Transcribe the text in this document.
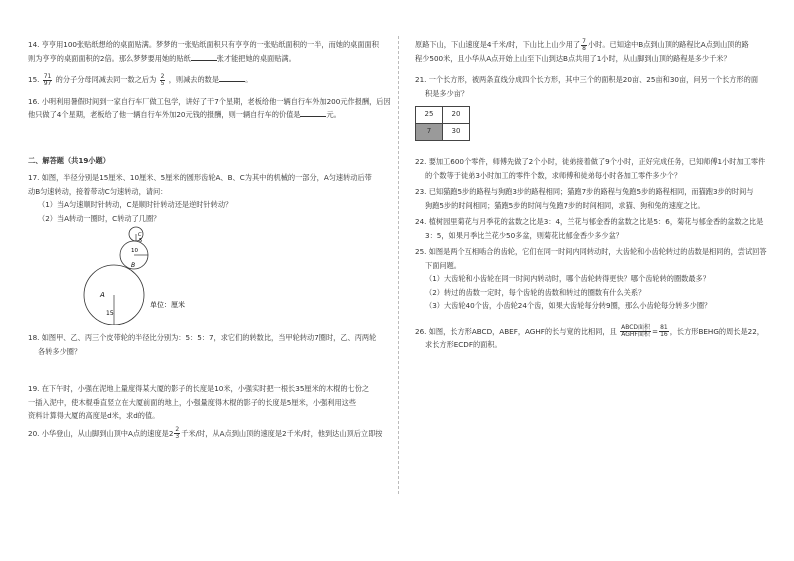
14. 亨亨用100张贴纸想给的桌面贴满。梦梦的一张贴纸面积只有亨亨的一张贴纸面积的一半，而她的桌面面积

则为亨亨的桌面面积的2倍。那么梦梦要用她的贴纸	张才能把她的桌面贴满。

15. $\frac{71}{97}$ 的分子分母同减去同一数之后为 $\frac{2}{5}$ ，则减去的数是	。

16. 小明利用暑假时间到一家自行车厂做工包学，讲好了干7个星期，老板给他一辆自行车外加200元作报酬，后因

他只做了4个星期，老板给了他一辆自行车外加20元钱的报酬，则一辆自行车的价值是	元。

二、解答题（共19小题）

17. 如图，半径分别是15厘米、10厘米、5厘米的圆形齿轮A、B、C为其中的机械的一部分，A匀速转动后带

动B匀速转动，接着带动C匀速转动，请问：

（1）当A匀速顺时针转动，C是顺时针转动还是逆时针转动？

（2）当A转动一圈时，C转动了几圈？

A
B
C
15
10
5
单位：厘米

18. 如图甲、乙、丙三个皮带轮的半径比分别为：5：5：7，求它们的转数比，当甲轮转动7圈时，乙、丙两轮

各转多少圈？

19. 在下午时，小强在泥地上量度得某大厦的影子的长度是10米，小强实时把一根长35厘米的木棍的七份之

一插入泥中，使木棍垂直竖立在大厦前面的地上，小强量度得木棍的影子的长度是5厘米，小强利用这些

资料计算得大厦的高度是d米，求d的值。

20. 小华登山，从山脚到山顶中A点的速度是$2 \frac{2}{3}$ 千米/时，从A点到山顶的速度是2千米/时，他到达山顶后立即按

原路下山，下山速度是4千米/时，下山比上山少用了 $\frac{7}{8}$ 小时。已知途中B点到山顶的路程比A点到山顶的路

程少500米，且小华从A点开始上山至下山到达B点共用了1小时，从山脚到山顶的路程是多少千米？

21. 一个长方形，被两条直线分成四个长方形，其中三个的面积是20亩、25亩和30亩，问另一个长方形的面

积是多少亩？

25	20
7	30

22. 要加工600个零件，师傅先做了2个小时，徒弟接着做了9个小时，正好完成任务，已知师傅1小时加工零件

的个数等于徒弟3小时加工的零件个数，求师傅和徒弟每小时各加工零件多少个？

23. 已知猫跑5步的路程与狗跑3步的路程相同；猫跑7步的路程与兔跑5步的路程相同，而猫跑3步的时间与

狗跑5步的时间相同；猫跑5步的时间与兔跑7步的时间相同，求猫、狗和兔的速度之比。

24. 植树园里菊花与月季花的盆数之比是3：4，兰花与郁金香的盆数之比是5：6，菊花与郁金香的盆数之比是

3：5，如果月季比兰花少50多盆，则菊花比郁金香少多少盆？

25. 如图是两个互相啮合的齿轮，它们在同一时间内同转动时，大齿轮和小齿轮转过的齿数是相同的，尝试回答

下面问题。

（1）大齿轮和小齿轮在同一时间内转动时，哪个齿轮转得更快？哪个齿轮转的圈数最多？

（2）转过的齿数一定时，每个齿轮的齿数和转过的圈数有什么关系？

（3）大齿轮40个齿，小齿轮24个齿，如果大齿轮每分转9圈，那么小齿轮每分转多少圈？

26. 如图，长方形ABCD，ABEF，AGHF的长与宽的比相同，且 $\frac{\text{ABCD面积}}{\text{AGHF面积}} = \frac{81}{16}$ ，长方形BEHG的周长是22，

求长方形ECDF的面积。
